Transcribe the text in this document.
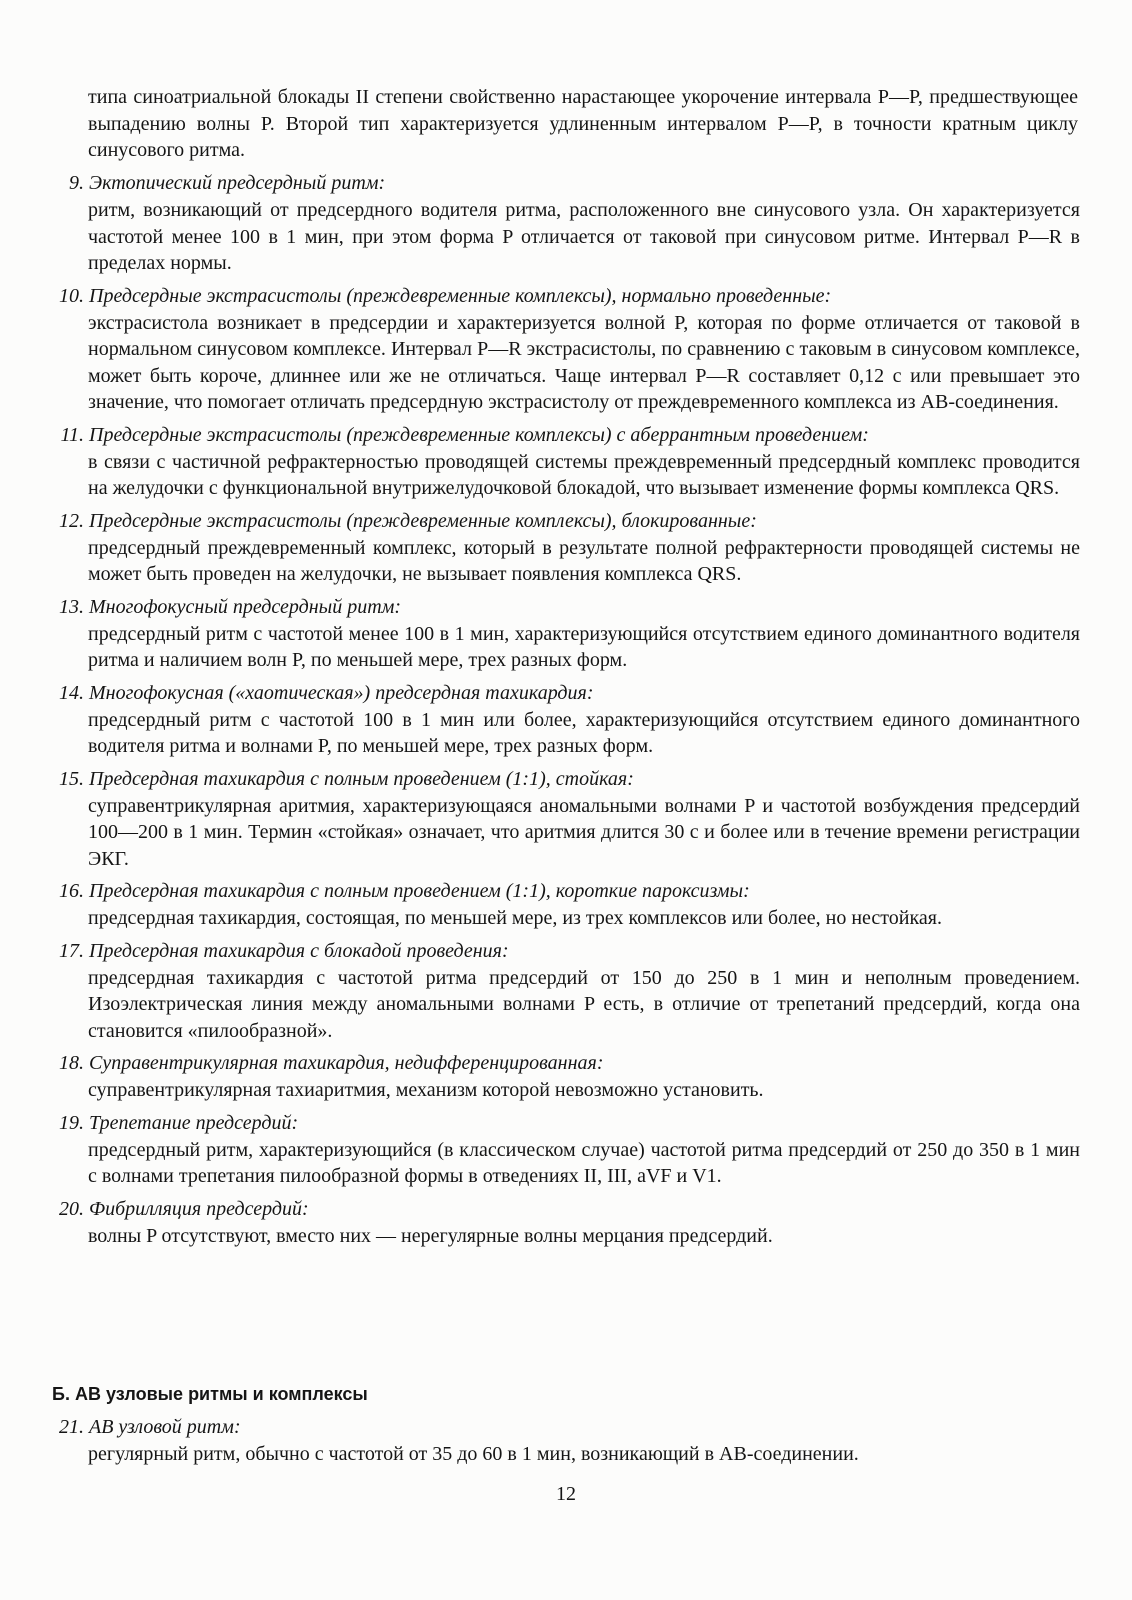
типа синоатриальной блокады II степени свойственно нарастающее укорочение интервала P—P, предшествующее выпадению волны P. Второй тип характеризуется удлиненным интервалом P—P, в точности кратным циклу синусового ритма.
9. Эктопический предсердный ритм:
ритм, возникающий от предсердного водителя ритма, расположенного вне синусового узла. Он характеризуется частотой менее 100 в 1 мин, при этом форма P отличается от таковой при синусовом ритме. Интервал P—R в пределах нормы.
10. Предсердные экстрасистолы (преждевременные комплексы), нормально проведенные:
экстрасистола возникает в предсердии и характеризуется волной P, которая по форме отличается от таковой в нормальном синусовом комплексе. Интервал P—R экстрасистолы, по сравнению с таковым в синусовом комплексе, может быть короче, длиннее или же не отличаться. Чаще интервал P—R составляет 0,12 с или превышает это значение, что помогает отличать предсердную экстрасистолу от преждевременного комплекса из АВ-соединения.
11. Предсердные экстрасистолы (преждевременные комплексы) с аберрантным проведением:
в связи с частичной рефрактерностью проводящей системы преждевременный предсердный комплекс проводится на желудочки с функциональной внутрижелудочковой блокадой, что вызывает изменение формы комплекса QRS.
12. Предсердные экстрасистолы (преждевременные комплексы), блокированные:
предсердный преждевременный комплекс, который в результате полной рефрактерности проводящей системы не может быть проведен на желудочки, не вызывает появления комплекса QRS.
13. Многофокусный предсердный ритм:
предсердный ритм с частотой менее 100 в 1 мин, характеризующийся отсутствием единого доминантного водителя ритма и наличием волн P, по меньшей мере, трех разных форм.
14. Многофокусная («хаотическая») предсердная тахикардия:
предсердный ритм с частотой 100 в 1 мин или более, характеризующийся отсутствием единого доминантного водителя ритма и волнами P, по меньшей мере, трех разных форм.
15. Предсердная тахикардия с полным проведением (1:1), стойкая:
суправентрикулярная аритмия, характеризующаяся аномальными волнами P и частотой возбуждения предсердий 100—200 в 1 мин. Термин «стойкая» означает, что аритмия длится 30 с и более или в течение времени регистрации ЭКГ.
16. Предсердная тахикардия с полным проведением (1:1), короткие пароксизмы:
предсердная тахикардия, состоящая, по меньшей мере, из трех комплексов или более, но нестойкая.
17. Предсердная тахикардия с блокадой проведения:
предсердная тахикардия с частотой ритма предсердий от 150 до 250 в 1 мин и неполным проведением. Изоэлектрическая линия между аномальными волнами P есть, в отличие от трепетаний предсердий, когда она становится «пилообразной».
18. Суправентрикулярная тахикардия, недифференцированная:
суправентрикулярная тахиаритмия, механизм которой невозможно установить.
19. Трепетание предсердий:
предсердный ритм, характеризующийся (в классическом случае) частотой ритма предсердий от 250 до 350 в 1 мин с волнами трепетания пилообразной формы в отведениях II, III, aVF и V1.
20. Фибрилляция предсердий:
волны P отсутствуют, вместо них — нерегулярные волны мерцания предсердий.
Б. АВ узловые ритмы и комплексы
21. АВ узловой ритм:
регулярный ритм, обычно с частотой от 35 до 60 в 1 мин, возникающий в АВ-соединении.
12
